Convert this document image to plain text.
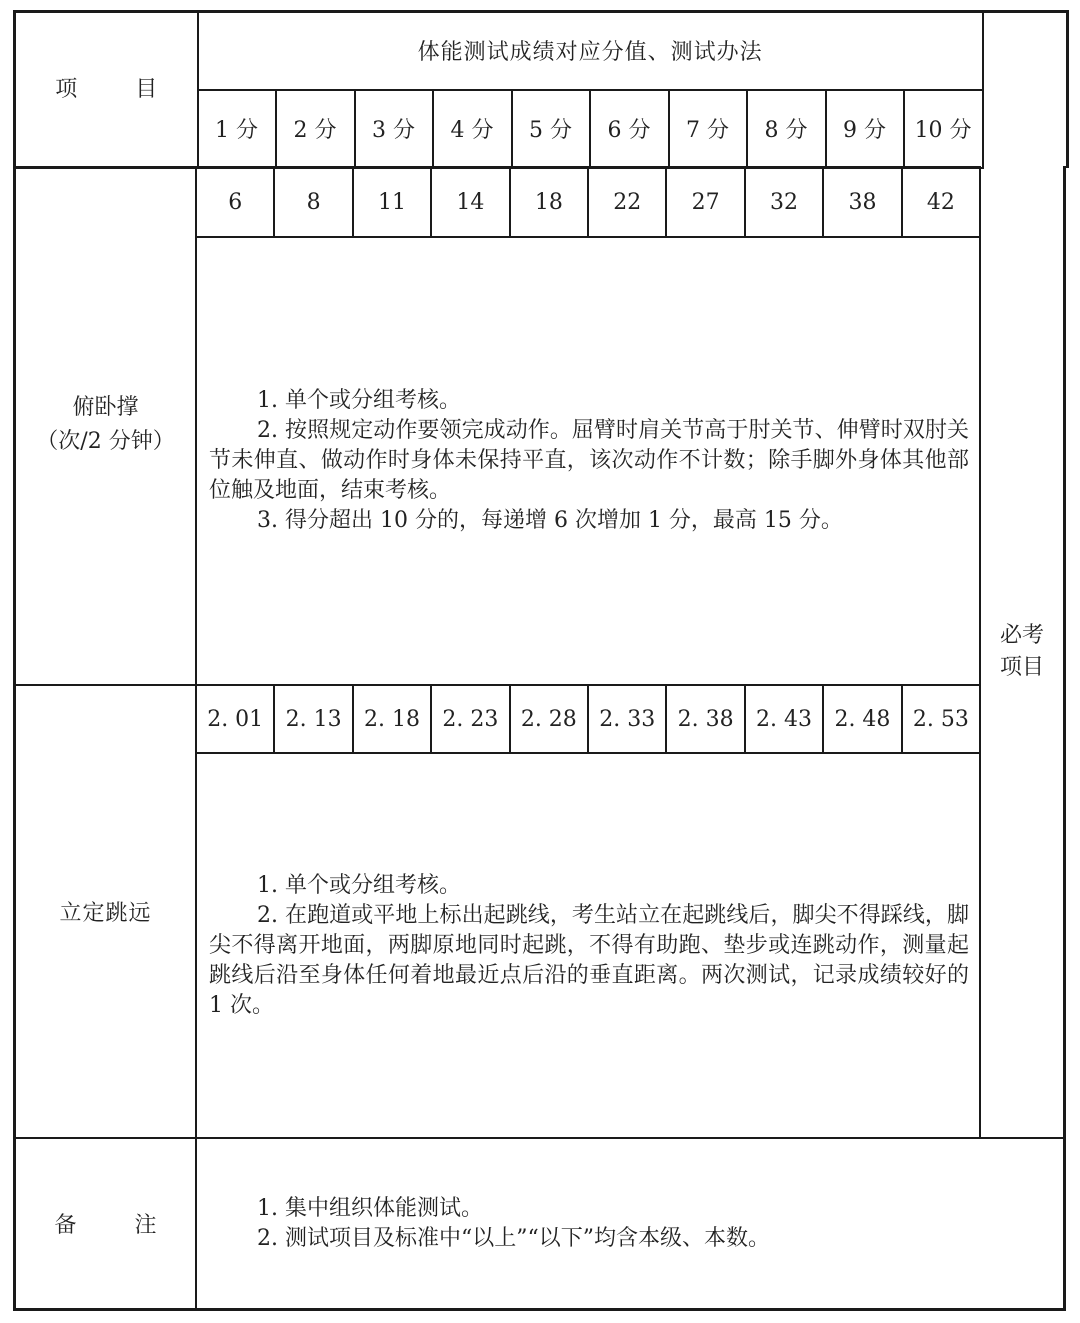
项 目	体能测试成绩对应分值、测试办法										
	1 分	2 分	3 分	4 分	5 分	6 分	7 分	8 分	9 分	10 分	
俯卧撑
（次/2 分钟）
6	8	11	14	18	22	27	32	38	42

1. 单个或分组考核。

2. 按照规定动作要领完成动作。屈臂时肩关节高于肘关节、伸臂时双肘关节未伸直、做动作时身体未保持平直，该次动作不计数；除手脚外身体其他部位触及地面，结束考核。

3. 得分超出 10 分的，每递增 6 次增加 1 分，最高 15 分。

必考
项目
立定跳远
2. 01	2. 13	2. 18	2. 23	2. 28	2. 33	2. 38	2. 43	2. 48	2. 53

1. 单个或分组考核。

2. 在跑道或平地上标出起跳线，考生站立在起跳线后，脚尖不得踩线，脚尖不得离开地面，两脚原地同时起跳，不得有助跑、垫步或连跳动作，测量起跳线后沿至身体任何着地最近点后沿的垂直距离。两次测试，记录成绩较好的 1 次。

备	注

1. 集中组织体能测试。

2. 测试项目及标准中“以上”“以下”均含本级、本数。
